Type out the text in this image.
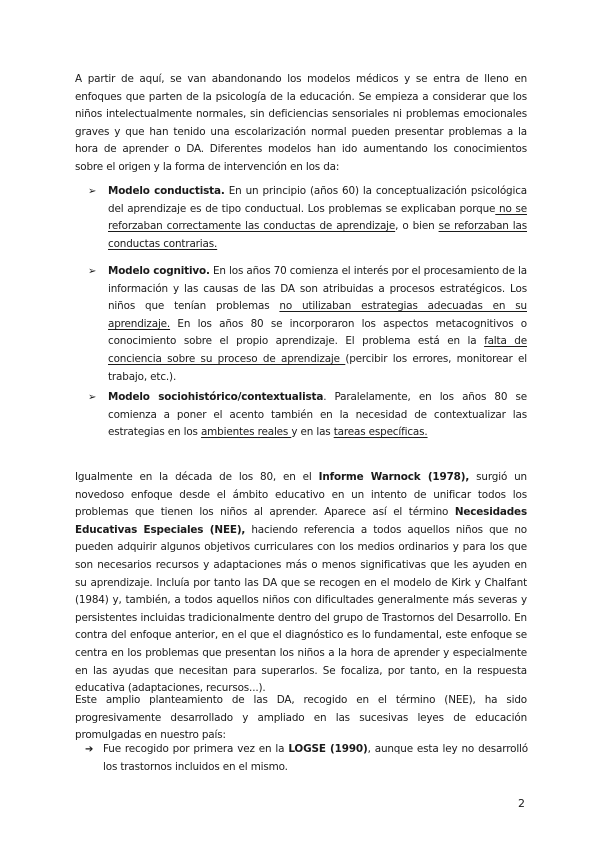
A partir de aquí, se van abandonando los modelos médicos y se entra de lleno en enfoques que parten de la psicología de la educación. Se empieza a considerar que los niños intelectualmente normales, sin deficiencias sensoriales ni problemas emocionales graves y que han tenido una escolarización normal pueden presentar problemas a la hora de aprender o DA. Diferentes modelos han ido aumentando los conocimientos sobre el origen y la forma de intervención en los da:

➢ Modelo conductista. En un principio (años 60) la conceptualización psicológica del aprendizaje es de tipo conductual. Los problemas se explicaban porque no se reforzaban correctamente las conductas de aprendizaje, o bien se reforzaban las conductas contrarias.
➢ Modelo cognitivo. En los años 70 comienza el interés por el procesamiento de la información y las causas de las DA son atribuidas a procesos estratégicos. Los niños que tenían problemas no utilizaban estrategias adecuadas en su aprendizaje. En los años 80 se incorporaron los aspectos metacognitivos o conocimiento sobre el propio aprendizaje. El problema está en la falta de conciencia sobre su proceso de aprendizaje (percibir los errores, monitorear el trabajo, etc.).
➢ Modelo sociohistórico/contextualista. Paralelamente, en los años 80 se comienza a poner el acento también en la necesidad de contextualizar las estrategias en los ambientes reales y en las tareas específicas.

Igualmente en la década de los 80, en el Informe Warnock (1978), surgió un novedoso enfoque desde el ámbito educativo en un intento de unificar todos los problemas que tienen los niños al aprender. Aparece así el término Necesidades Educativas Especiales (NEE), haciendo referencia a todos aquellos niños que no pueden adquirir algunos objetivos curriculares con los medios ordinarios y para los que son necesarios recursos y adaptaciones más o menos significativas que les ayuden en su aprendizaje. Incluía por tanto las DA que se recogen en el modelo de Kirk y Chalfant (1984) y, también, a todos aquellos niños con dificultades generalmente más severas y persistentes incluidas tradicionalmente dentro del grupo de Trastornos del Desarrollo. En contra del enfoque anterior, en el que el diagnóstico es lo fundamental, este enfoque se centra en los problemas que presentan los niños a la hora de aprender y especialmente en las ayudas que necesitan para superarlos. Se focaliza, por tanto, en la respuesta educativa (adaptaciones, recursos...).

Este amplio planteamiento de las DA, recogido en el término (NEE), ha sido progresivamente desarrollado y ampliado en las sucesivas leyes de educación promulgadas en nuestro país:

➔ Fue recogido por primera vez en la LOGSE (1990), aunque esta ley no desarrolló los trastornos incluidos en el mismo.
2
